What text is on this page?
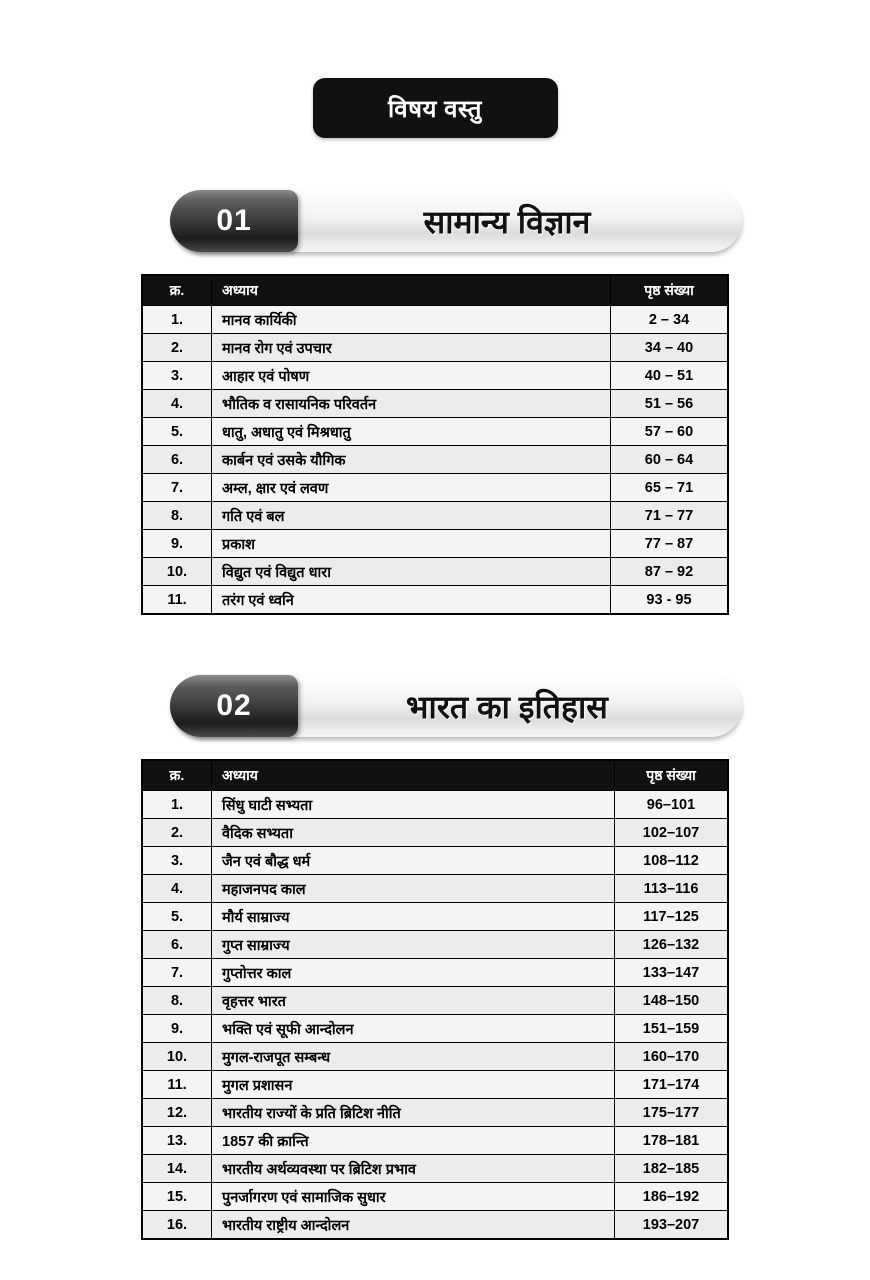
विषय वस्तु
01	सामान्य विज्ञान
क्र.	अध्याय	पृष्ठ संख्या
1.	मानव कार्यिकी	2 – 34
2.	मानव रोग एवं उपचार	34 – 40
3.	आहार एवं पोषण	40 – 51
4.	भौतिक व रासायनिक परिवर्तन	51 – 56
5.	धातु, अधातु एवं मिश्रधातु	57 – 60
6.	कार्बन एवं उसके यौगिक	60 – 64
7.	अम्ल, क्षार एवं लवण	65 – 71
8.	गति एवं बल	71 – 77
9.	प्रकाश	77 – 87
10.	विद्युत एवं विद्युत धारा	87 – 92
11.	तरंग एवं ध्वनि	93 - 95
02	भारत का इतिहास
क्र.	अध्याय	पृष्ठ संख्या
1.	सिंधु घाटी सभ्यता	96–101
2.	वैदिक सभ्यता	102–107
3.	जैन एवं बौद्ध धर्म	108–112
4.	महाजनपद काल	113–116
5.	मौर्य साम्राज्य	117–125
6.	गुप्त साम्राज्य	126–132
7.	गुप्तोत्तर काल	133–147
8.	वृहत्तर भारत	148–150
9.	भक्ति एवं सूफी आन्दोलन	151–159
10.	मुगल-राजपूत सम्बन्ध	160–170
11.	मुगल प्रशासन	171–174
12.	भारतीय राज्यों के प्रति ब्रिटिश नीति	175–177
13.	1857 की क्रान्ति	178–181
14.	भारतीय अर्थव्यवस्था पर ब्रिटिश प्रभाव	182–185
15.	पुनर्जागरण एवं सामाजिक सुधार	186–192
16.	भारतीय राष्ट्रीय आन्दोलन	193–207
